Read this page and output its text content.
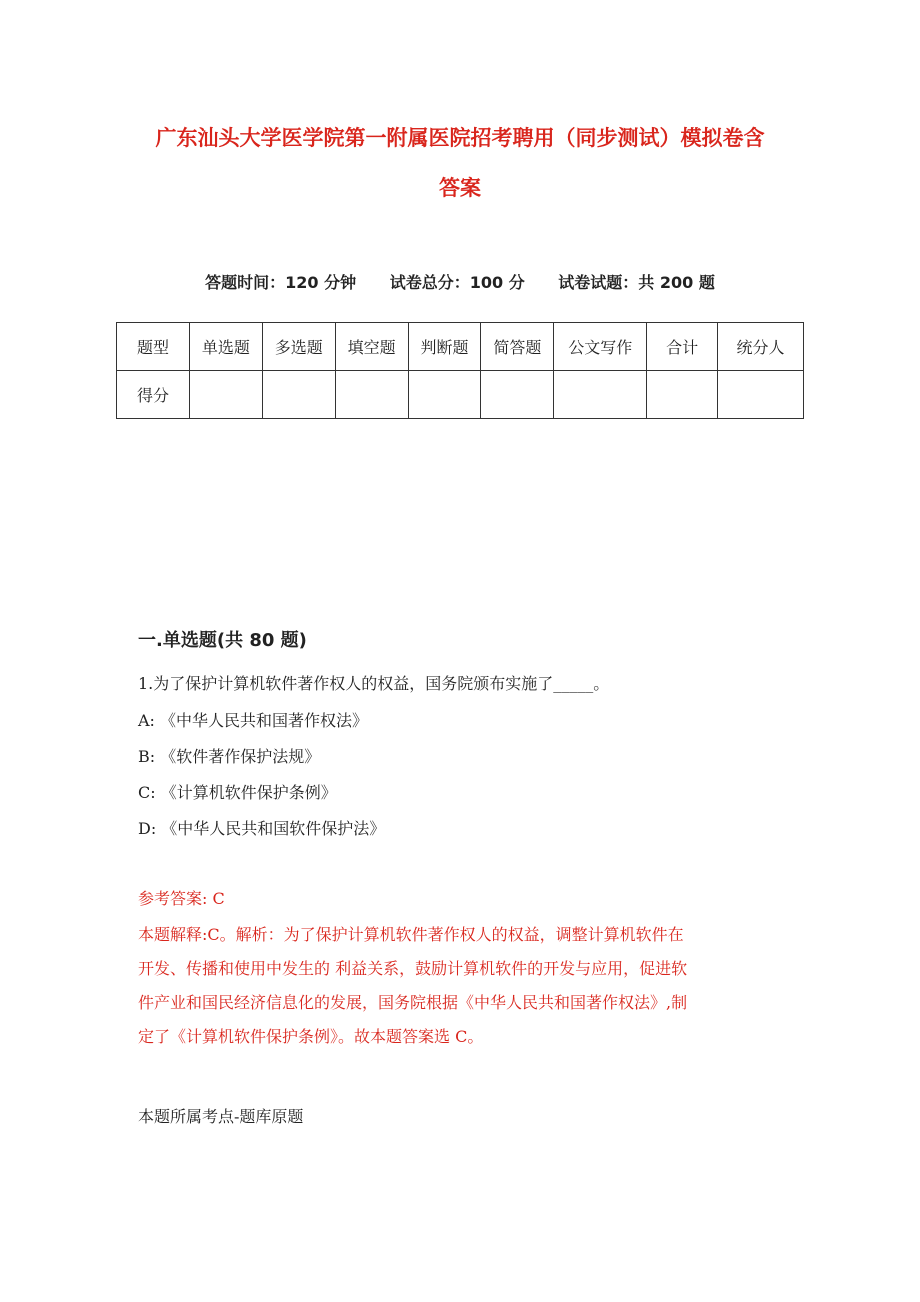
广东汕头大学医学院第一附属医院招考聘用（同步测试）模拟卷含
答案
答题时间：120 分钟 试卷总分：100 分 试卷试题：共 200 题
题型	单选题	多选题	填空题	判断题	简答题	公文写作	合计	统分人
得分								
一.单选题(共 80 题)
1.为了保护计算机软件著作权人的权益，国务院颁布实施了_____。
A: 《中华人民共和国著作权法》
B: 《软件著作保护法规》
C: 《计算机软件保护条例》
D: 《中华人民共和国软件保护法》
参考答案: C
本题解释:C。解析：为了保护计算机软件著作权人的权益，调整计算机软件在
开发、传播和使用中发生的 利益关系，鼓励计算机软件的开发与应用，促进软
件产业和国民经济信息化的发展，国务院根据《中华人民共和国著作权法》,制
定了《计算机软件保护条例》。故本题答案选 C。
本题所属考点-题库原题
